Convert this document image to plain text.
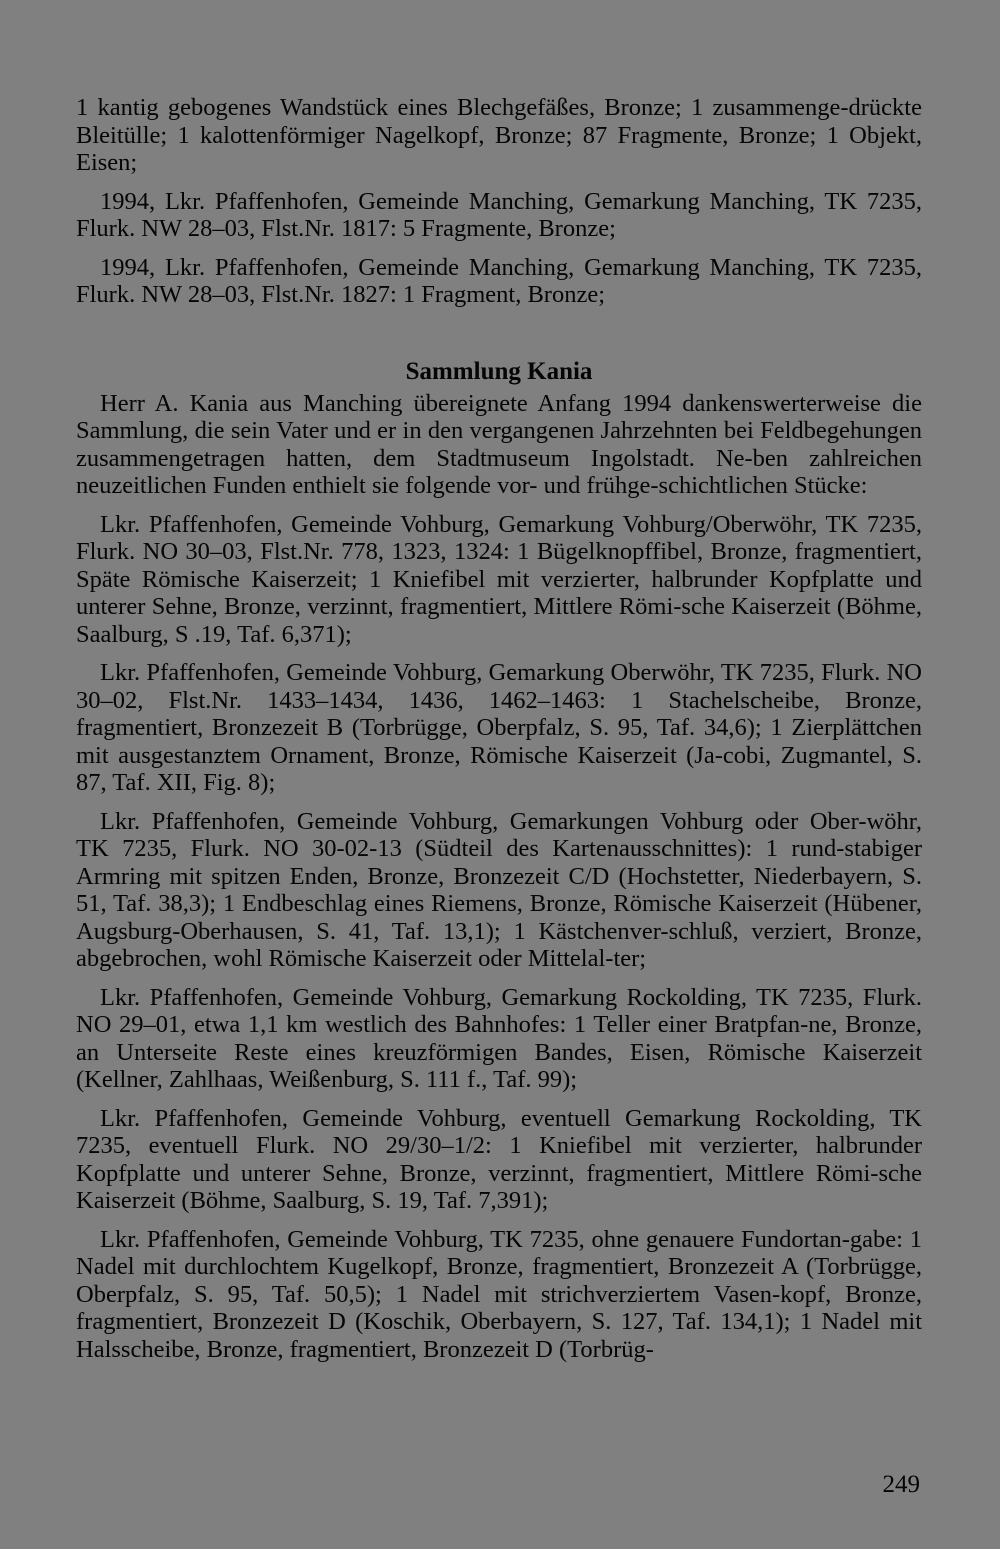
1 kantig gebogenes Wandstück eines Blechgefäßes, Bronze; 1 zusammenge-drückte Bleitülle; 1 kalottenförmiger Nagelkopf, Bronze; 87 Fragmente, Bronze; 1 Objekt, Eisen;

1994, Lkr. Pfaffenhofen, Gemeinde Manching, Gemarkung Manching, TK 7235, Flurk. NW 28–03, Flst.Nr. 1817: 5 Fragmente, Bronze;

1994, Lkr. Pfaffenhofen, Gemeinde Manching, Gemarkung Manching, TK 7235, Flurk. NW 28–03, Flst.Nr. 1827: 1 Fragment, Bronze;

Sammlung Kania

Herr A. Kania aus Manching übereignete Anfang 1994 dankenswerterweise die Sammlung, die sein Vater und er in den vergangenen Jahrzehnten bei Feldbegehungen zusammengetragen hatten, dem Stadtmuseum Ingolstadt. Ne-ben zahlreichen neuzeitlichen Funden enthielt sie folgende vor- und frühge-schichtlichen Stücke:

Lkr. Pfaffenhofen, Gemeinde Vohburg, Gemarkung Vohburg/Oberwöhr, TK 7235, Flurk. NO 30–03, Flst.Nr. 778, 1323, 1324: 1 Bügelknopffibel, Bronze, fragmentiert, Späte Römische Kaiserzeit; 1 Kniefibel mit verzierter, halbrunder Kopfplatte und unterer Sehne, Bronze, verzinnt, fragmentiert, Mittlere Römi-sche Kaiserzeit (Böhme, Saalburg, S .19, Taf. 6,371);

Lkr. Pfaffenhofen, Gemeinde Vohburg, Gemarkung Oberwöhr, TK 7235, Flurk. NO 30–02, Flst.Nr. 1433–1434, 1436, 1462–1463: 1 Stachelscheibe, Bronze, fragmentiert, Bronzezeit B (Torbrügge, Oberpfalz, S. 95, Taf. 34,6); 1 Zierplättchen mit ausgestanztem Ornament, Bronze, Römische Kaiserzeit (Ja-cobi, Zugmantel, S. 87, Taf. XII, Fig. 8);

Lkr. Pfaffenhofen, Gemeinde Vohburg, Gemarkungen Vohburg oder Ober-wöhr, TK 7235, Flurk. NO 30-02-13 (Südteil des Kartenausschnittes): 1 rund-stabiger Armring mit spitzen Enden, Bronze, Bronzezeit C/D (Hochstetter, Niederbayern, S. 51, Taf. 38,3); 1 Endbeschlag eines Riemens, Bronze, Römische Kaiserzeit (Hübener, Augsburg-Oberhausen, S. 41, Taf. 13,1); 1 Kästchenver-schluß, verziert, Bronze, abgebrochen, wohl Römische Kaiserzeit oder Mittelal-ter;

Lkr. Pfaffenhofen, Gemeinde Vohburg, Gemarkung Rockolding, TK 7235, Flurk. NO 29–01, etwa 1,1 km westlich des Bahnhofes: 1 Teller einer Bratpfan-ne, Bronze, an Unterseite Reste eines kreuzförmigen Bandes, Eisen, Römische Kaiserzeit (Kellner, Zahlhaas, Weißenburg, S. 111 f., Taf. 99);

Lkr. Pfaffenhofen, Gemeinde Vohburg, eventuell Gemarkung Rockolding, TK 7235, eventuell Flurk. NO 29/30–1/2: 1 Kniefibel mit verzierter, halbrunder Kopfplatte und unterer Sehne, Bronze, verzinnt, fragmentiert, Mittlere Römi-sche Kaiserzeit (Böhme, Saalburg, S. 19, Taf. 7,391);

Lkr. Pfaffenhofen, Gemeinde Vohburg, TK 7235, ohne genauere Fundortan-gabe: 1 Nadel mit durchlochtem Kugelkopf, Bronze, fragmentiert, Bronzezeit A (Torbrügge, Oberpfalz, S. 95, Taf. 50,5); 1 Nadel mit strichverziertem Vasen-kopf, Bronze, fragmentiert, Bronzezeit D (Koschik, Oberbayern, S. 127, Taf. 134,1); 1 Nadel mit Halsscheibe, Bronze, fragmentiert, Bronzezeit D (Torbrüg-

249
